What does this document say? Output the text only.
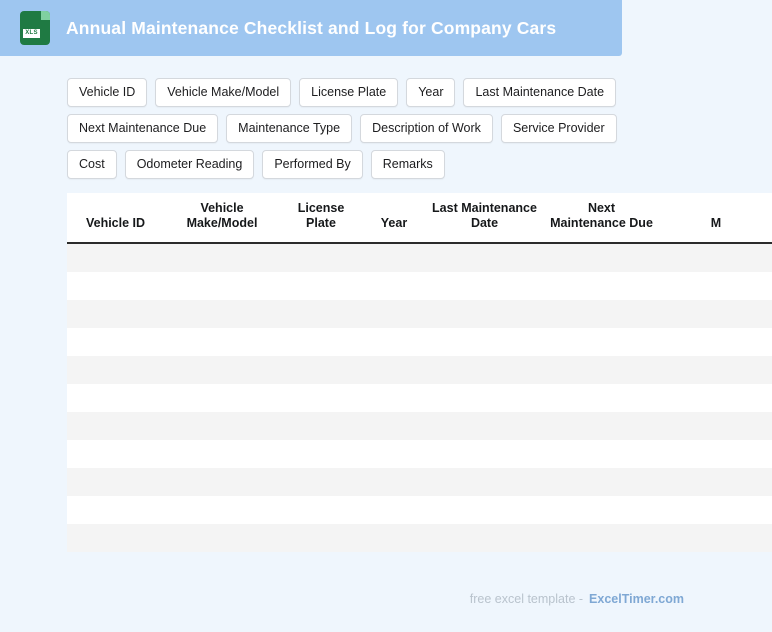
XLS Annual Maintenance Checklist and Log for Company Cars
Vehicle ID	Vehicle Make/Model	License Plate	Year	Last Maintenance Date
Next Maintenance Due	Maintenance Type	Description of Work	Service Provider
Cost	Odometer Reading	Performed By	Remarks
Vehicle ID	Vehicle Make/Model	License Plate	Year	Last Maintenance Date	Next Maintenance Due	M

free excel template - ExcelTimer.com
